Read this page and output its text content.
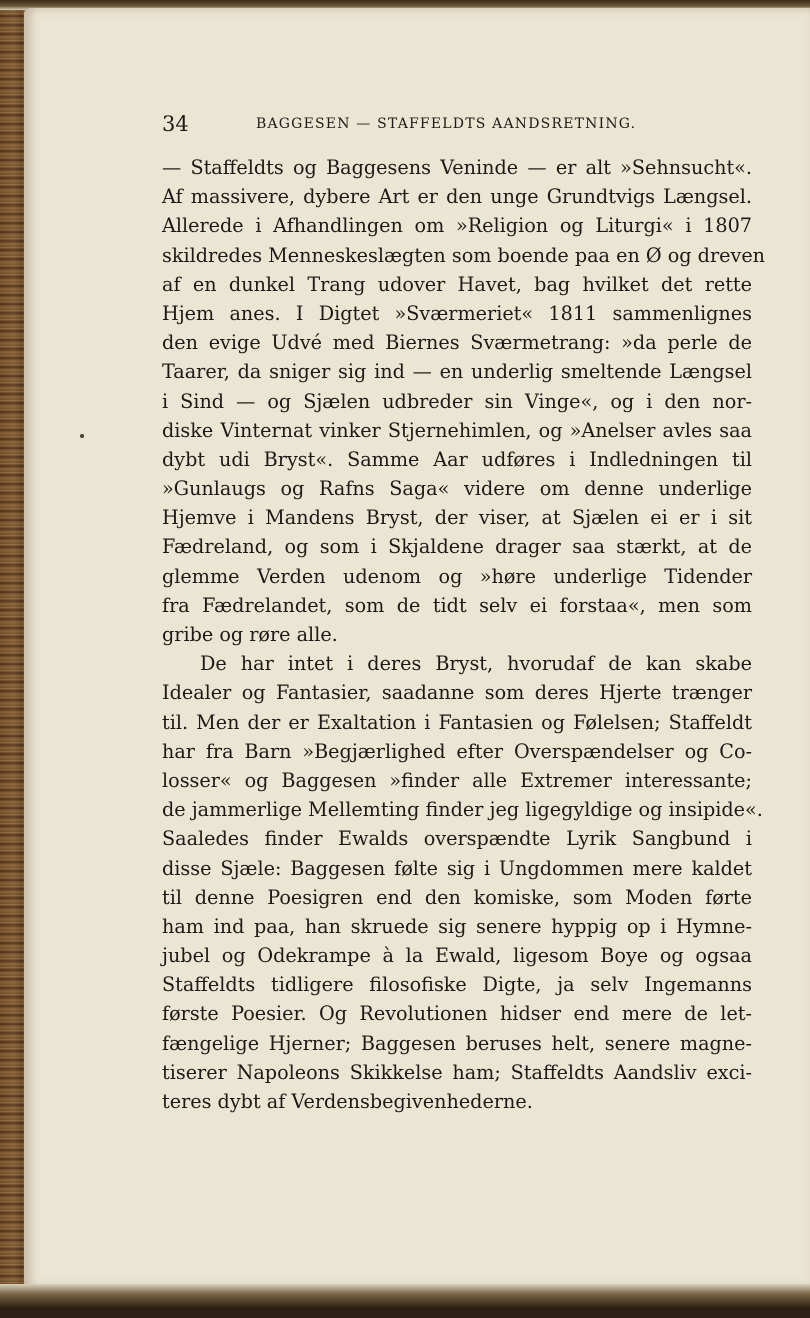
34	BAGGESEN — STAFFELDTS AANDSRETNING.
— Staffeldts og Baggesens Veninde — er alt »Sehnsucht«.
Af massivere, dybere Art er den unge Grundtvigs Længsel.
Allerede i Afhandlingen om »Religion og Liturgi« i 1807
skildredes Menneskeslægten som boende paa en Ø og dreven
af en dunkel Trang udover Havet, bag hvilket det rette
Hjem anes. I Digtet »Sværmeriet« 1811 sammenlignes
den evige Udvé med Biernes Sværmetrang: »da perle de
Taarer, da sniger sig ind — en underlig smeltende Længsel
i Sind — og Sjælen udbreder sin Vinge«, og i den nor-
diske Vinternat vinker Stjernehimlen, og »Anelser avles saa
dybt udi Bryst«. Samme Aar udføres i Indledningen til
»Gunlaugs og Rafns Saga« videre om denne underlige
Hjemve i Mandens Bryst, der viser, at Sjælen ei er i sit
Fædreland, og som i Skjaldene drager saa stærkt, at de
glemme Verden udenom og »høre underlige Tidender
fra Fædrelandet, som de tidt selv ei forstaa«, men som
gribe og røre alle.
De har intet i deres Bryst, hvorudaf de kan skabe
Idealer og Fantasier, saadanne som deres Hjerte trænger
til. Men der er Exaltation i Fantasien og Følelsen; Staffeldt
har fra Barn »Begjærlighed efter Overspændelser og Co-
losser« og Baggesen »finder alle Extremer interessante;
de jammerlige Mellemting finder jeg ligegyldige og insipide«.
Saaledes finder Ewalds overspændte Lyrik Sangbund i
disse Sjæle: Baggesen følte sig i Ungdommen mere kaldet
til denne Poesigren end den komiske, som Moden førte
ham ind paa, han skruede sig senere hyppig op i Hymne-
jubel og Odekrampe à la Ewald, ligesom Boye og ogsaa
Staffeldts tidligere filosofiske Digte, ja selv Ingemanns
første Poesier. Og Revolutionen hidser end mere de let-
fængelige Hjerner; Baggesen beruses helt, senere magne-
tiserer Napoleons Skikkelse ham; Staffeldts Aandsliv exci-
teres dybt af Verdensbegivenhederne.
